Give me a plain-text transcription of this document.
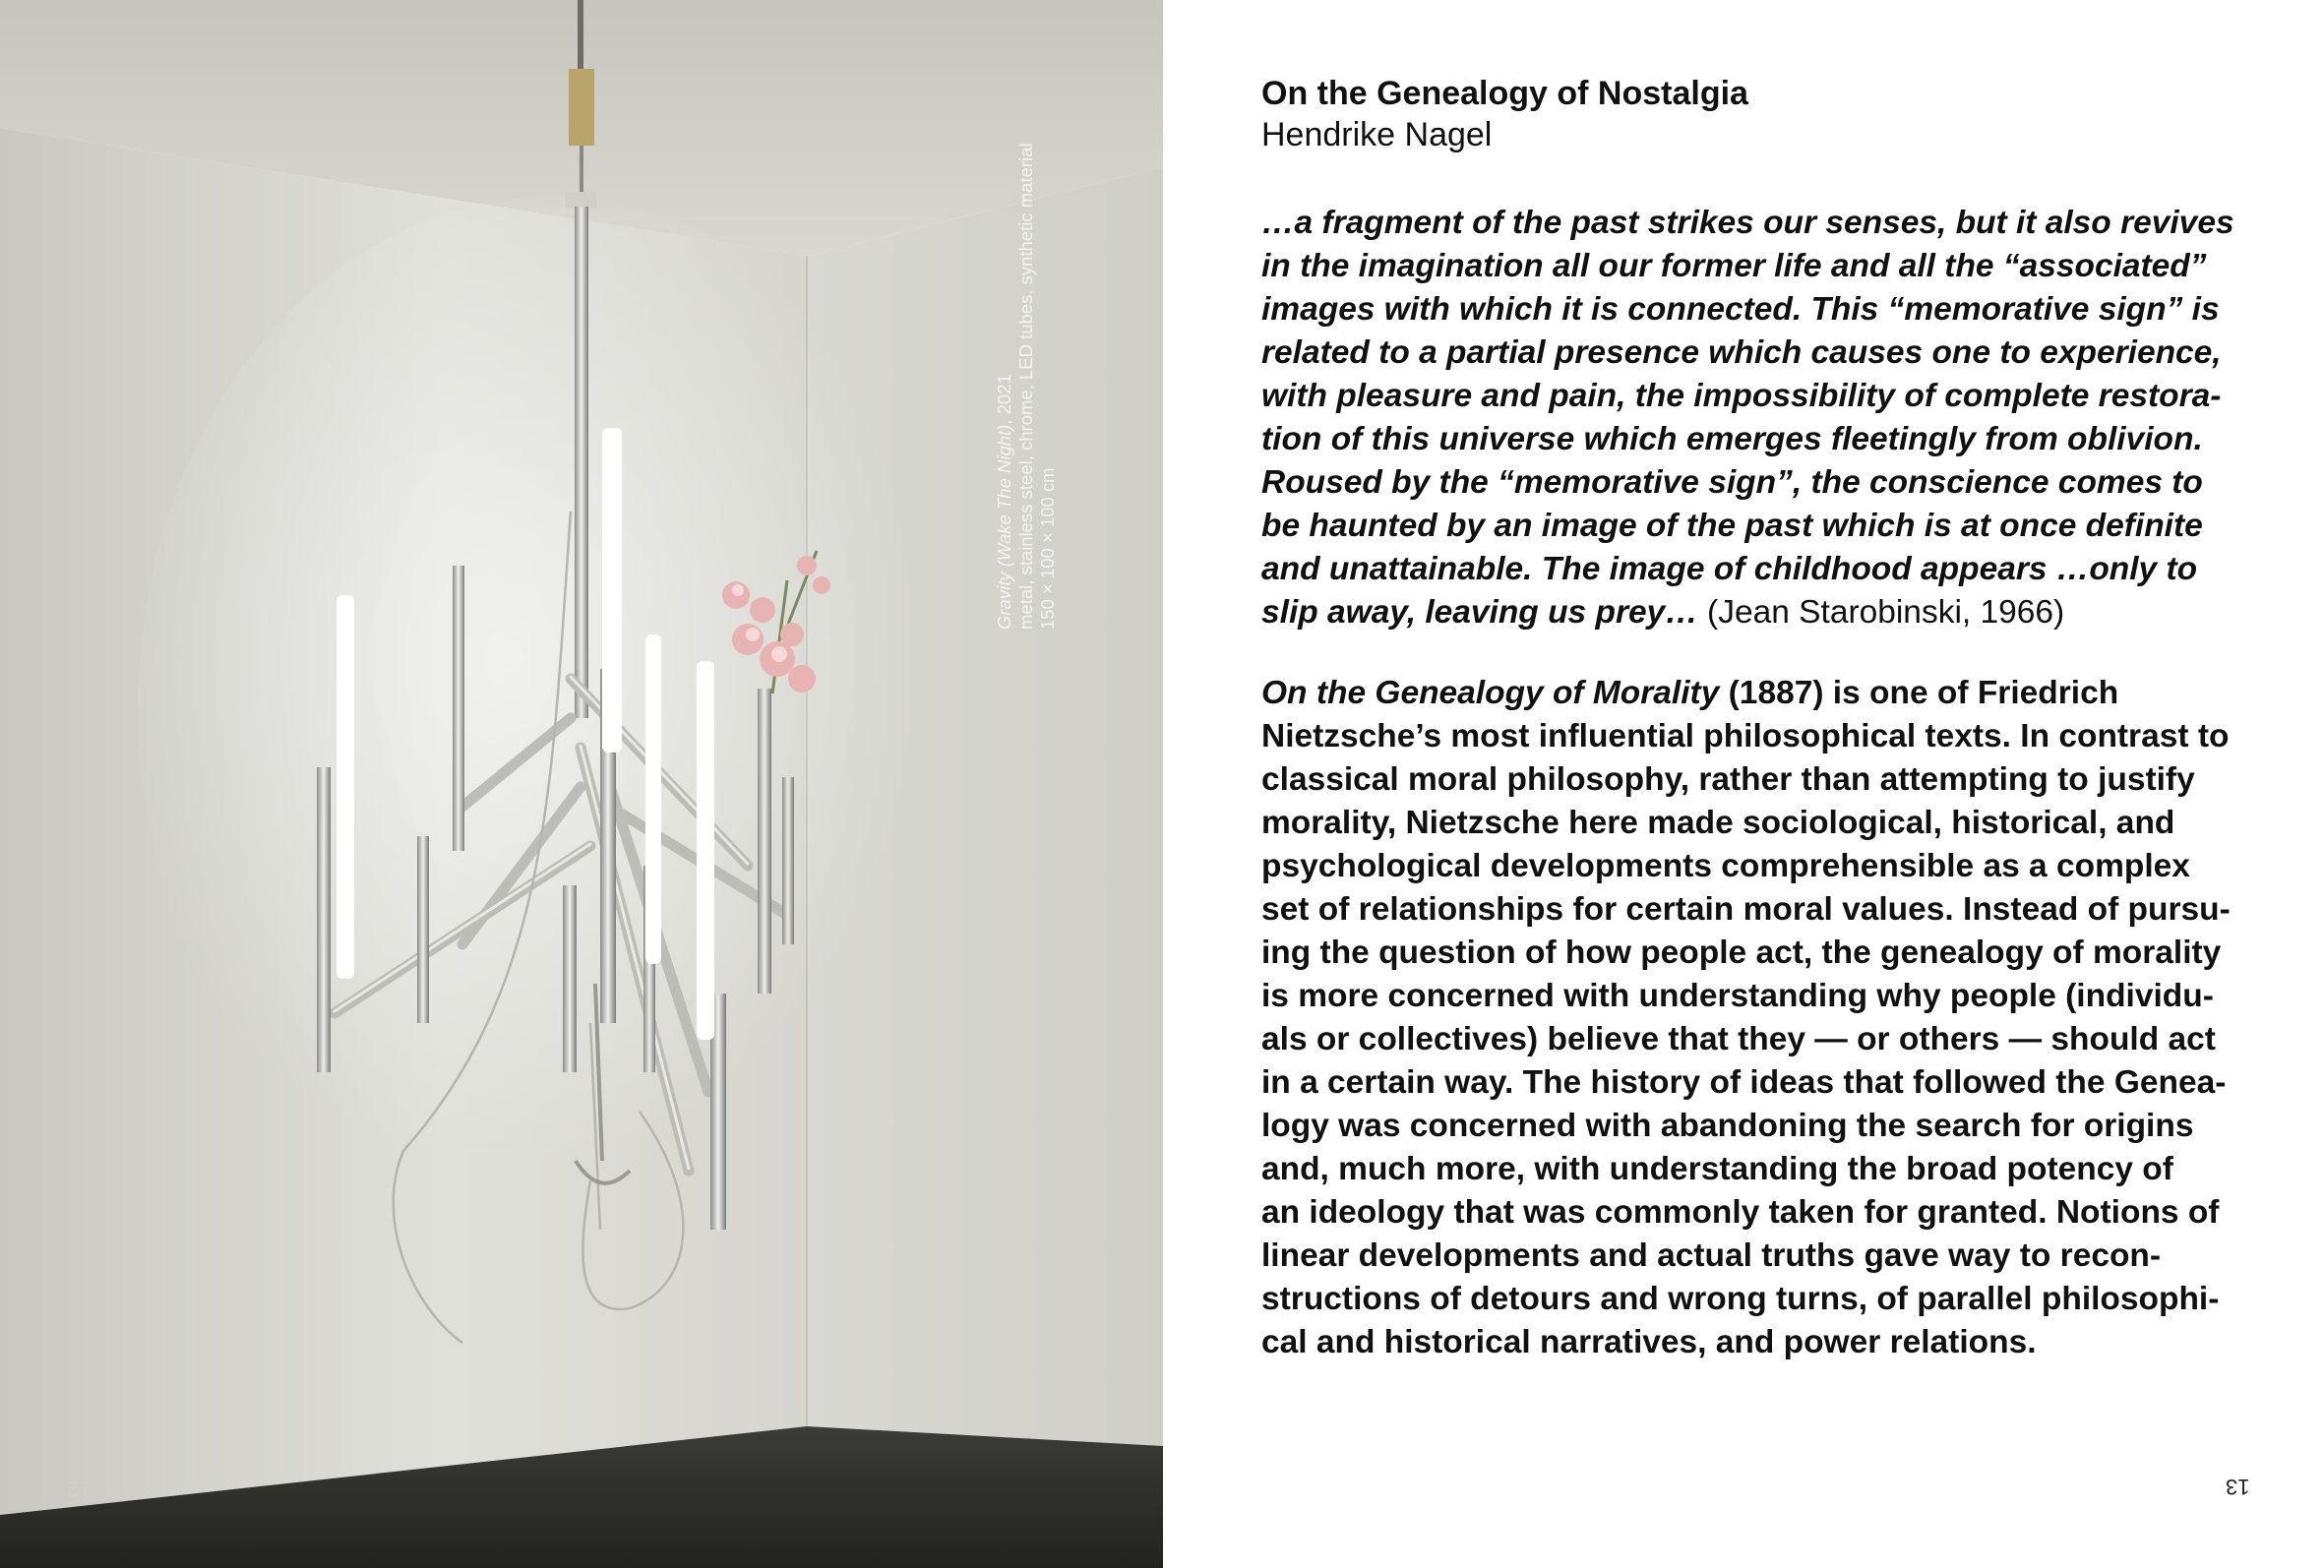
Gravity (Wake The Night), 2021 metal, stainless steel, chrome, LED tubes, synthetic material 150 × 100 × 100 cm
12
On the Genealogy of Nostalgia
Hendrike Nagel
…a fragment of the past strikes our senses, but it also revives
in the imagination all our former life and all the “associated”
images with which it is connected. This “memorative sign” is
related to a partial presence which causes one to experience,
with pleasure and pain, the impossibility of complete restora-
tion of this universe which emerges fleetingly from oblivion.
Roused by the “memorative sign”, the conscience comes to
be haunted by an image of the past which is at once definite
and unattainable. The image of childhood appears …only to
slip away, leaving us prey… (Jean Starobinski, 1966)
On the Genealogy of Morality (1887) is one of Friedrich
Nietzsche’s most influential philosophical texts. In contrast to
classical moral philosophy, rather than attempting to justify
morality, Nietzsche here made sociological, historical, and
psychological developments comprehensible as a complex
set of relationships for certain moral values. Instead of pursu-
ing the question of how people act, the genealogy of morality
is more concerned with understanding why people (individu-
als or collectives) believe that they — or others — should act
in a certain way. The history of ideas that followed the Genea-
logy was concerned with abandoning the search for origins
and, much more, with understanding the broad potency of
an ideology that was commonly taken for granted. Notions of
linear developments and actual truths gave way to recon-
structions of detours and wrong turns, of parallel philosophi-
cal and historical narratives, and power relations.
13
